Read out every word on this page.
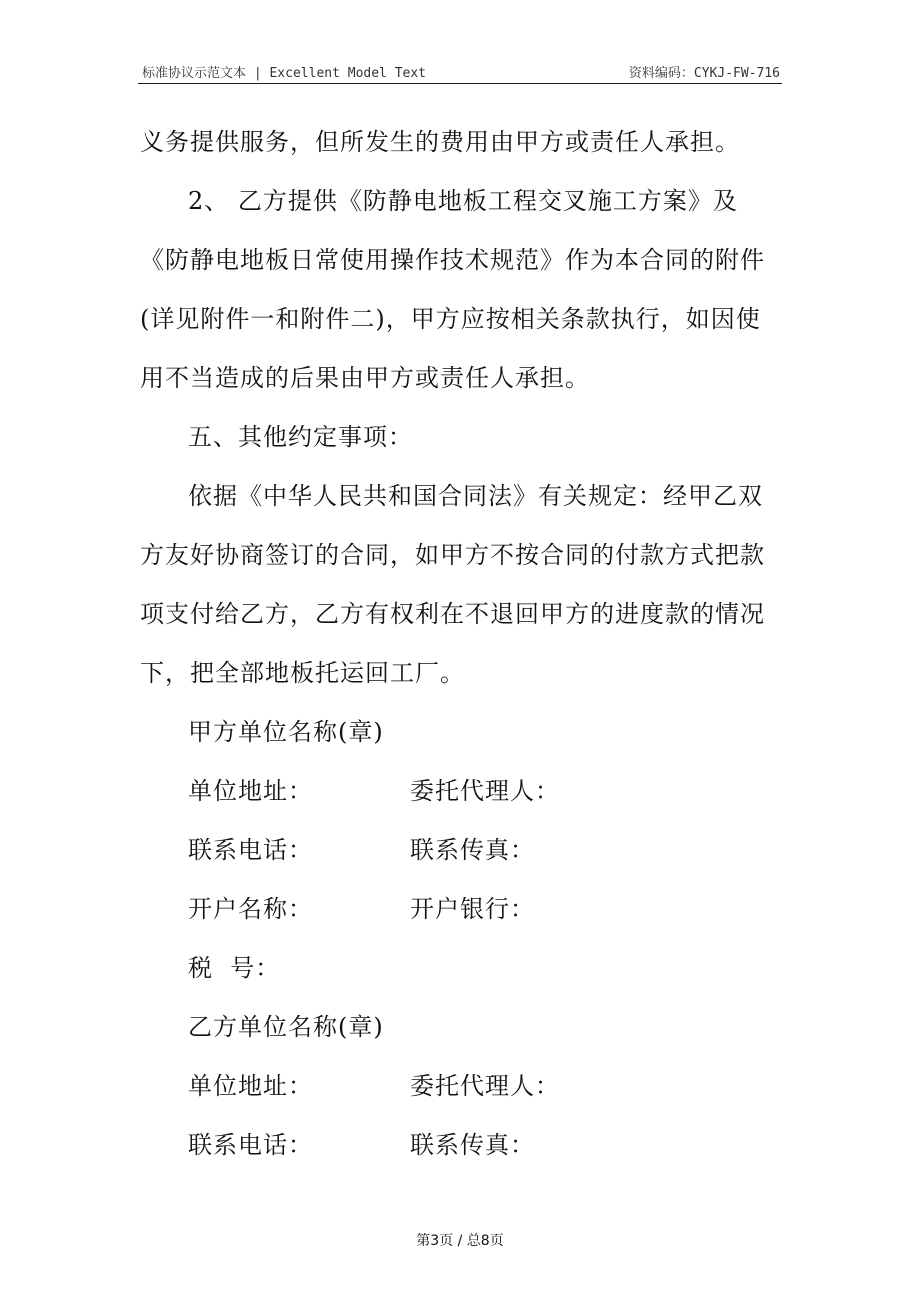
标准协议示范文本 | Excellent Model Text	资料编码：CYKJ-FW-716
义务提供服务，但所发生的费用由甲方或责任人承担。
2、 乙方提供《防静电地板工程交叉施工方案》及
《防静电地板日常使用操作技术规范》作为本合同的附件
(详见附件一和附件二)，甲方应按相关条款执行，如因使
用不当造成的后果由甲方或责任人承担。
五、其他约定事项：
依据《中华人民共和国合同法》有关规定：经甲乙双
方友好协商签订的合同，如甲方不按合同的付款方式把款
项支付给乙方，乙方有权利在不退回甲方的进度款的情况
下，把全部地板托运回工厂。
甲方单位名称(章)
单位地址：	委托代理人：
联系电话：	联系传真：
开户名称：	开户银行：
税  号：
乙方单位名称(章)
单位地址：	委托代理人：
联系电话：	联系传真：
第3页 / 总8页
